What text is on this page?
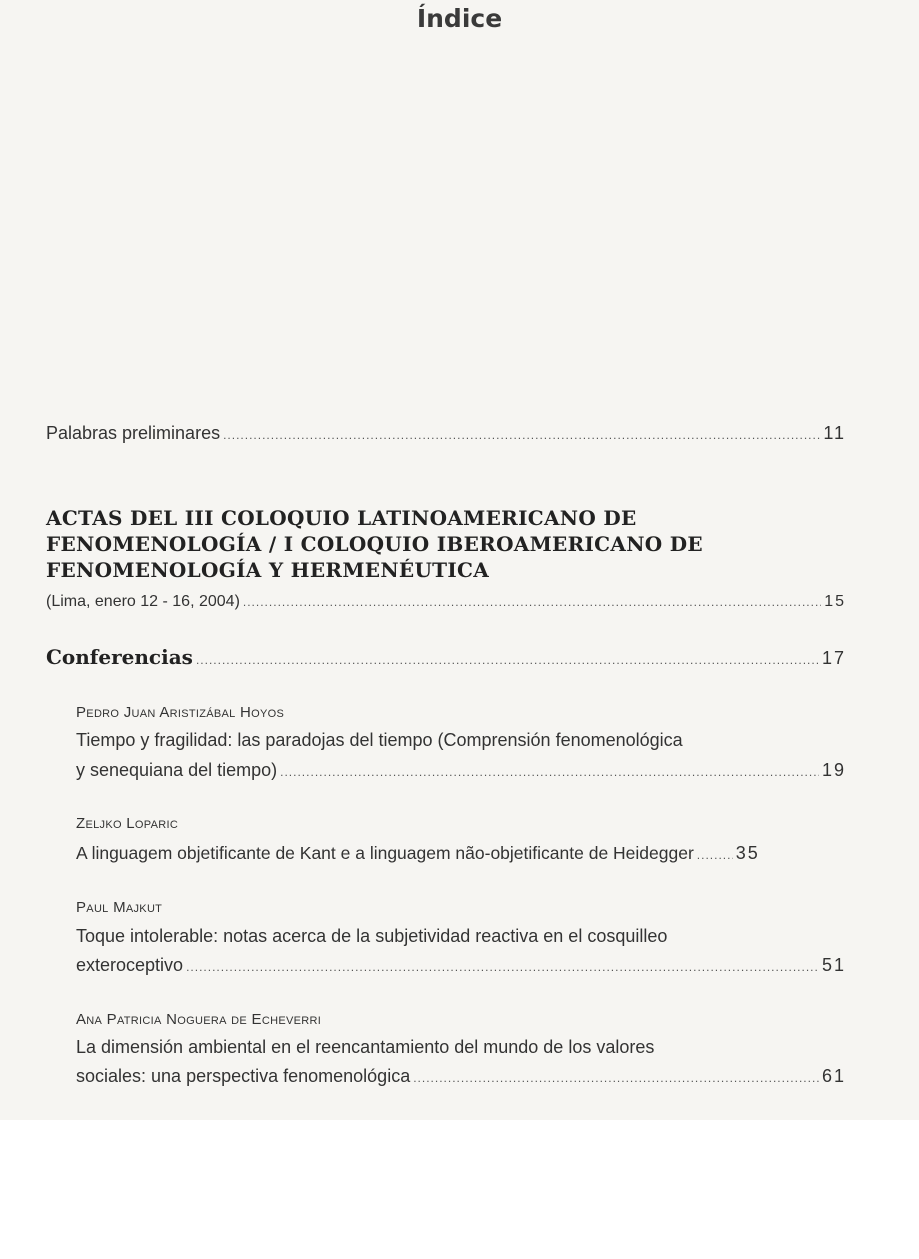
Índice
Palabras preliminares .....	11
ACTAS DEL III COLOQUIO LATINOAMERICANO DE
FENOMENOLOGÍA / I COLOQUIO IBEROAMERICANO DE
FENOMENOLOGÍA Y HERMENÉUTICA
(Lima, enero 12 - 16, 2004) .....	15
Conferencias .....	17
Pedro Juan Aristizábal Hoyos
Tiempo y fragilidad: las paradojas del tiempo (Comprensión fenomenológica
y senequiana del tiempo) .....	19
Zeljko Loparic
A linguagem objetificante de Kant e a linguagem não-objetificante de Heidegger ..... 35
Paul Majkut
Toque intolerable: notas acerca de la subjetividad reactiva en el cosquilleo
exteroceptivo .....	51
Ana Patricia Noguera de Echeverri
La dimensión ambiental en el reencantamiento del mundo de los valores
sociales: una perspectiva fenomenológica .....	61
